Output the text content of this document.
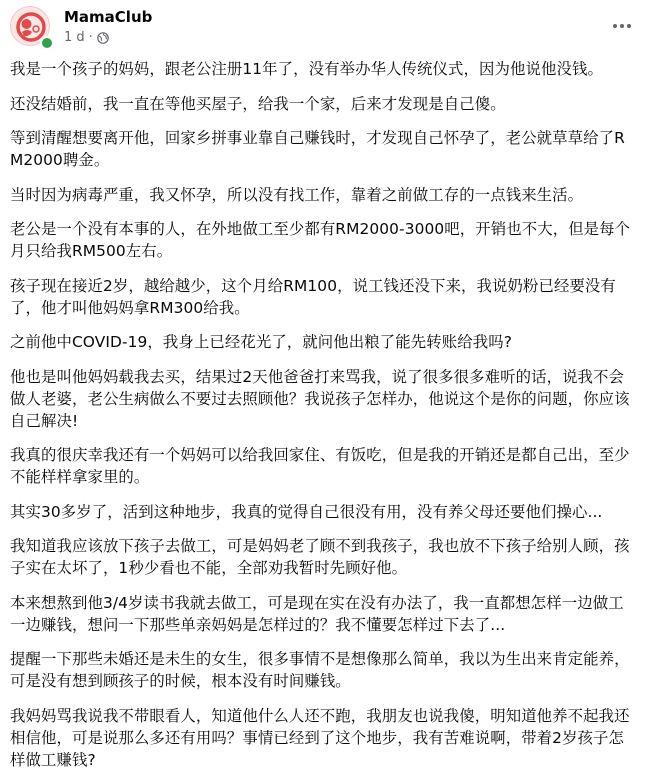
MamaClub
1 d ·

我是一个孩子的妈妈，跟老公注册11年了，没有举办华人传统仪式，因为他说他没钱。

还没结婚前，我一直在等他买屋子，给我一个家，后来才发现是自己傻。

等到清醒想要离开他，回家乡拼事业靠自己赚钱时，才发现自己怀孕了，老公就草草给了RM2000聘金。

当时因为病毒严重，我又怀孕，所以没有找工作，靠着之前做工存的一点钱来生活。

老公是一个没有本事的人，在外地做工至少都有RM2000-3000吧，开销也不大，但是每个月只给我RM500左右。

孩子现在接近2岁，越给越少，这个月给RM100，说工钱还没下来，我说奶粉已经要没有了，他才叫他妈妈拿RM300给我。

之前他中COVID-19，我身上已经花光了，就问他出粮了能先转账给我吗?

他也是叫他妈妈载我去买，结果过2天他爸爸打来骂我，说了很多很多难听的话，说我不会做人老婆，老公生病做么不要过去照顾他？我说孩子怎样办，他说这个是你的问题，你应该自己解决!

我真的很庆幸我还有一个妈妈可以给我回家住、有饭吃，但是我的开销还是都自己出，至少不能样样拿家里的。

其实30多岁了，活到这种地步，我真的觉得自己很没有用，没有养父母还要他们操心...

我知道我应该放下孩子去做工，可是妈妈老了顾不到我孩子，我也放不下孩子给别人顾，孩子实在太坏了，1秒少看也不能，全部劝我暂时先顾好他。

本来想熬到他3/4岁读书我就去做工，可是现在实在没有办法了，我一直都想怎样一边做工一边赚钱，想问一下那些单亲妈妈是怎样过的？我不懂要怎样过下去了...

提醒一下那些未婚还是未生的女生，很多事情不是想像那么简单，我以为生出来肯定能养，可是没有想到顾孩子的时候，根本没有时间赚钱。

我妈妈骂我说我不带眼看人，知道他什么人还不跑，我朋友也说我傻，明知道他养不起我还相信他，可是说那么多还有用吗？事情已经到了这个地步，我有苦难说啊，带着2岁孩子怎样做工赚钱?
